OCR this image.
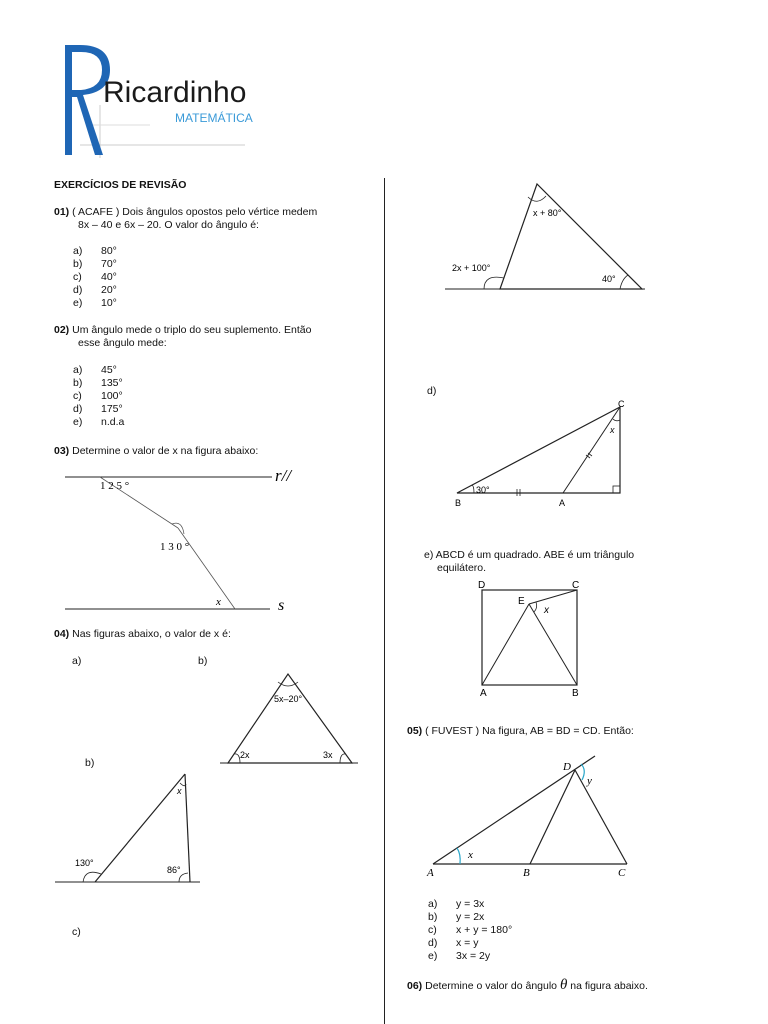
Ricardinho
MATEMÁTICA
EXERCÍCIOS DE REVISÃO
01) ( ACAFE ) Dois ângulos opostos pelo vértice medem
8x – 40 e 6x – 20. O valor do ângulo é:
a)	80°
b)	70°
c)	40°
d)	20°
e)	10°
02) Um ângulo mede o triplo do seu suplemento. Então
esse ângulo mede:
a)	45°
b)	135°
c)	100°
d)	175°
e)	n.d.a
03) Determine o valor de x na figura abaixo:
r//
s
1 2 5 °
1 3 0 °
x
04) Nas figuras abaixo, o valor de x é:
a)	b)
5x–20°
2x	3x
b)
x
130°
86°
c)
x + 80°
2x + 100°
40°
d)
30°
x
C
B	A
e) ABCD é um quadrado. ABE é um triângulo
equilátero.
D	C
E
x
A	B
05) ( FUVEST ) Na figura, AB = BD = CD. Então:
x
y
D
A	B	C
a)	y = 3x
b)	y = 2x
c)	x + y = 180°
d)	x = y
e)	3x = 2y
06) Determine o valor do ângulo θ na figura abaixo.
